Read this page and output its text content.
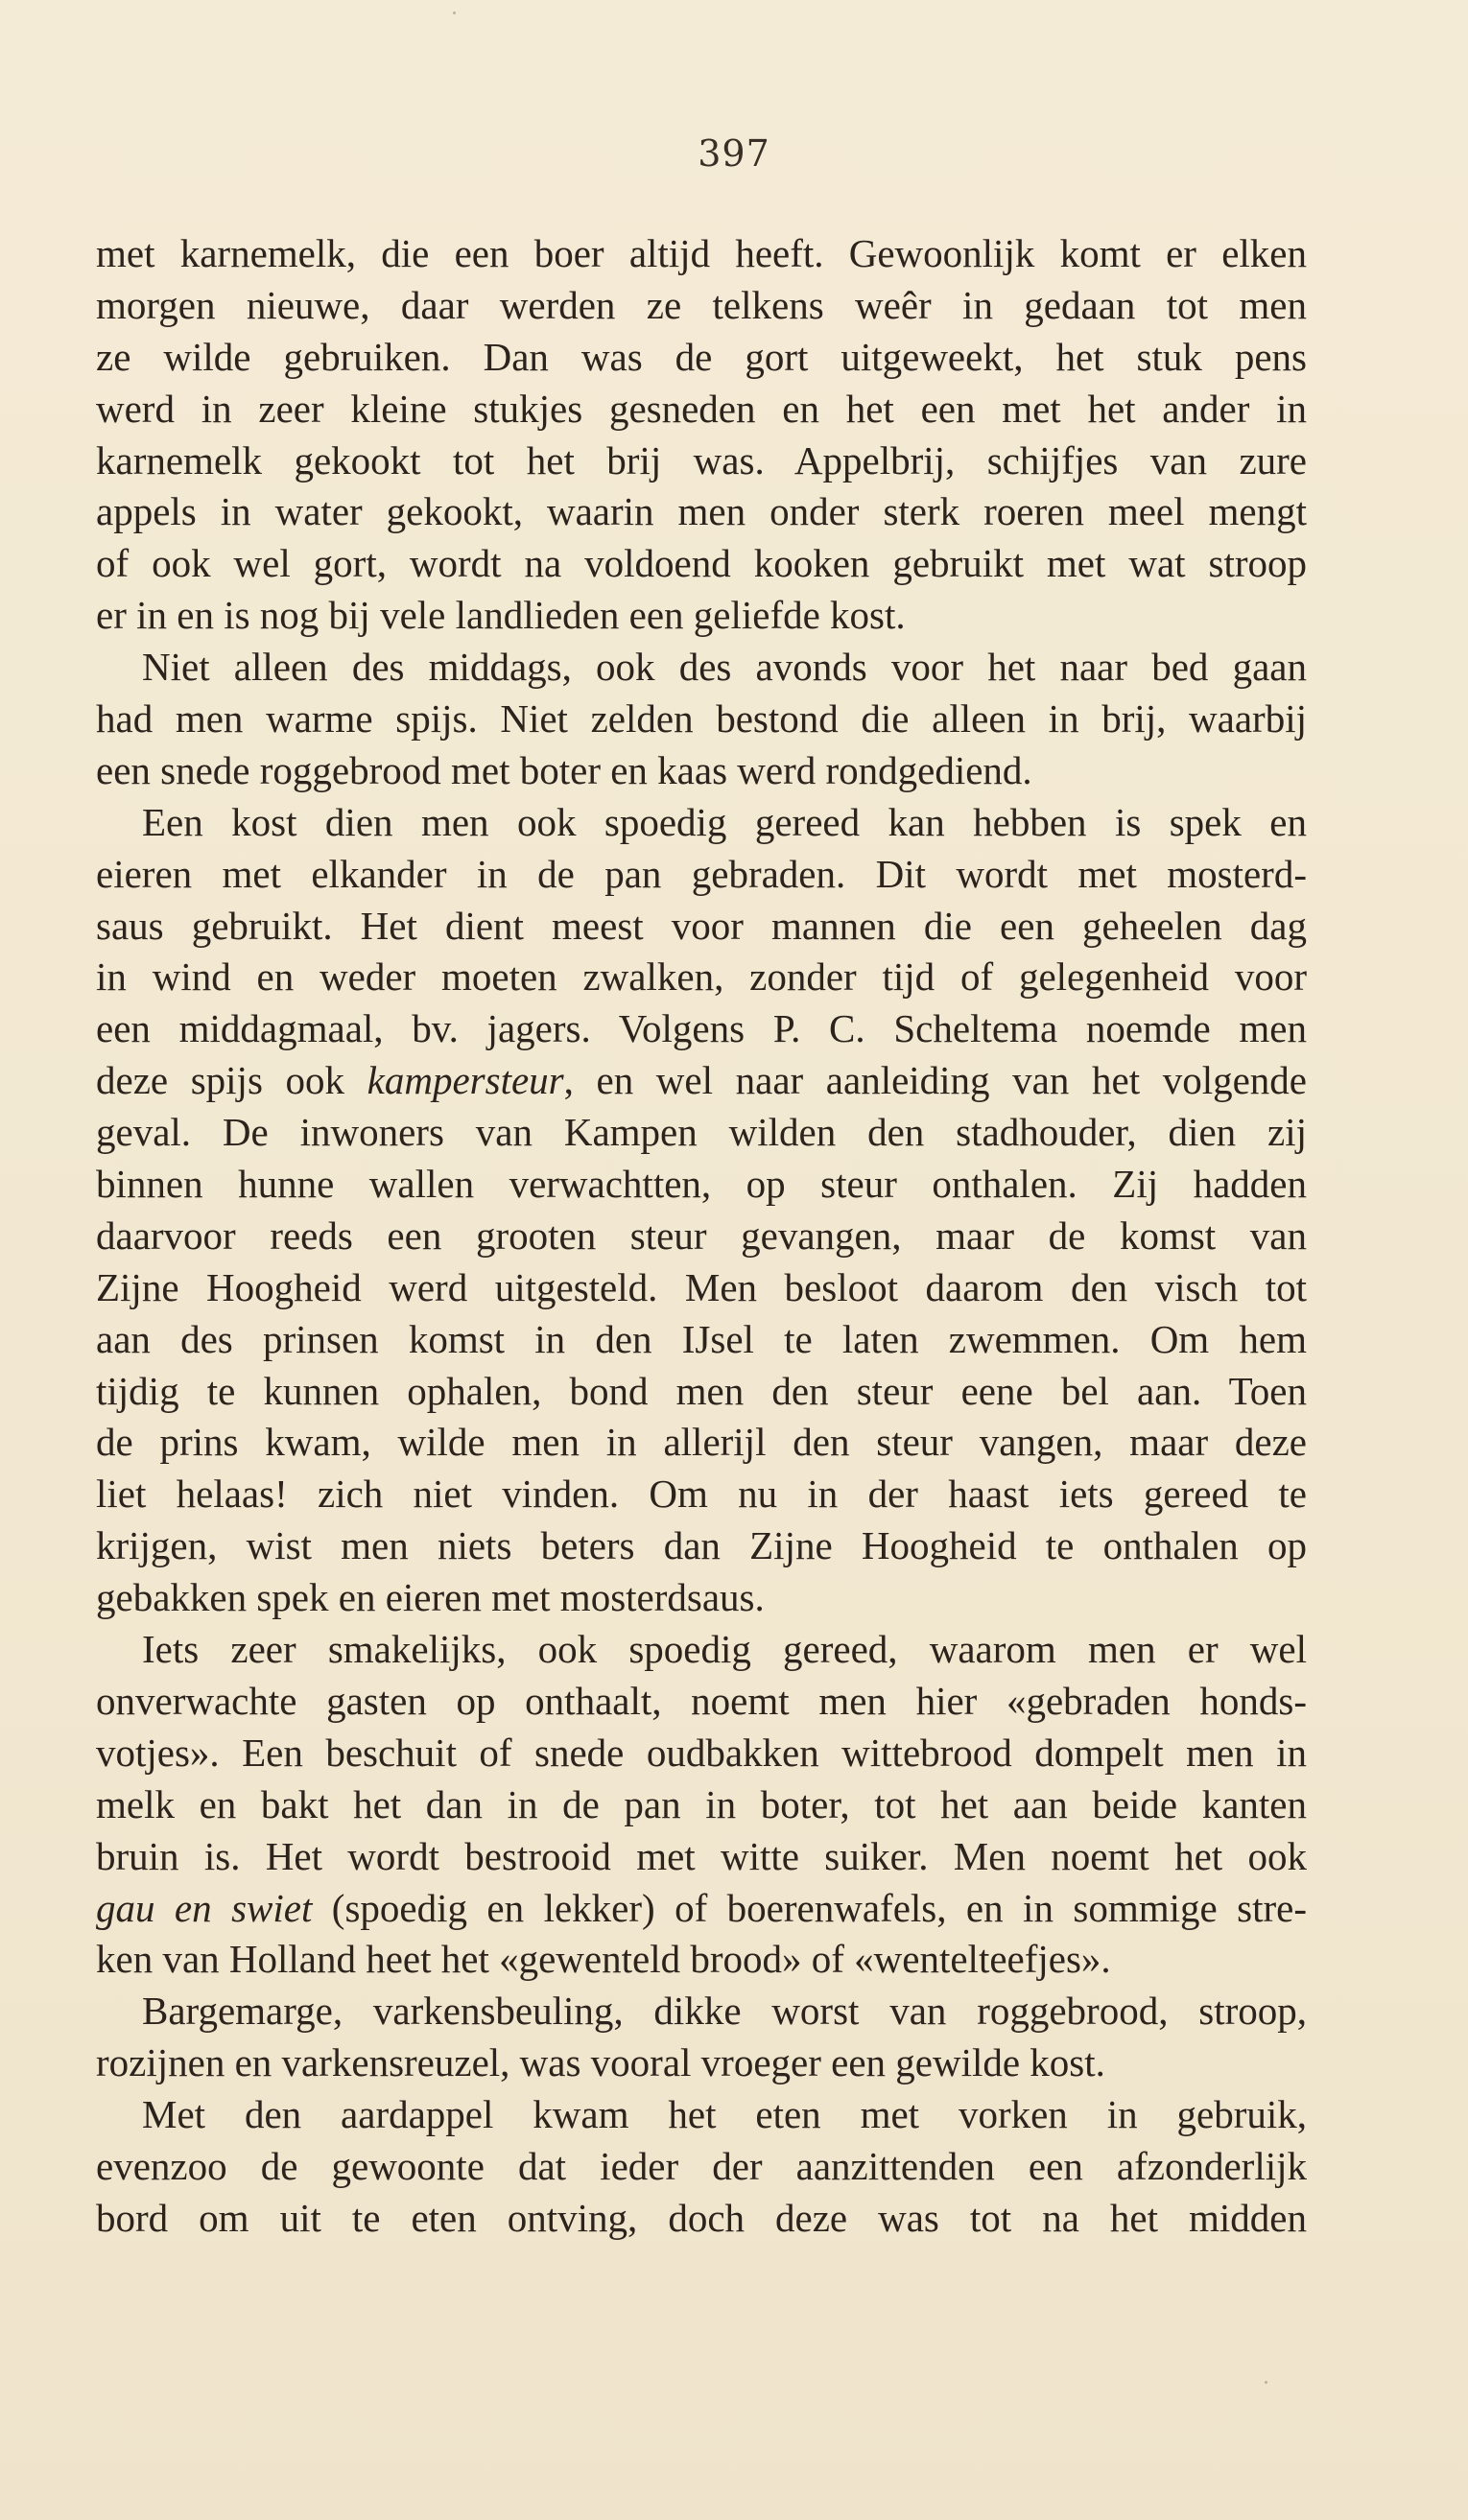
397
met karnemelk, die een boer altijd heeft. Gewoonlijk komt er elken
morgen nieuwe, daar werden ze telkens weêr in gedaan tot men
ze wilde gebruiken. Dan was de gort uitgeweekt, het stuk pens
werd in zeer kleine stukjes gesneden en het een met het ander in
karnemelk gekookt tot het brij was. Appelbrij, schijfjes van zure
appels in water gekookt, waarin men onder sterk roeren meel mengt
of ook wel gort, wordt na voldoend kooken gebruikt met wat stroop
er in en is nog bij vele landlieden een geliefde kost.
Niet alleen des middags, ook des avonds voor het naar bed gaan
had men warme spijs. Niet zelden bestond die alleen in brij, waarbij
een snede roggebrood met boter en kaas werd rondgediend.
Een kost dien men ook spoedig gereed kan hebben is spek en
eieren met elkander in de pan gebraden. Dit wordt met mosterd-
saus gebruikt. Het dient meest voor mannen die een geheelen dag
in wind en weder moeten zwalken, zonder tijd of gelegenheid voor
een middagmaal, bv. jagers. Volgens P. C. Scheltema noemde men
deze spijs ook kampersteur, en wel naar aanleiding van het volgende
geval. De inwoners van Kampen wilden den stadhouder, dien zij
binnen hunne wallen verwachtten, op steur onthalen. Zij hadden
daarvoor reeds een grooten steur gevangen, maar de komst van
Zijne Hoogheid werd uitgesteld. Men besloot daarom den visch tot
aan des prinsen komst in den IJsel te laten zwemmen. Om hem
tijdig te kunnen ophalen, bond men den steur eene bel aan. Toen
de prins kwam, wilde men in allerijl den steur vangen, maar deze
liet helaas! zich niet vinden. Om nu in der haast iets gereed te
krijgen, wist men niets beters dan Zijne Hoogheid te onthalen op
gebakken spek en eieren met mosterdsaus.
Iets zeer smakelijks, ook spoedig gereed, waarom men er wel
onverwachte gasten op onthaalt, noemt men hier «gebraden honds-
votjes». Een beschuit of snede oudbakken wittebrood dompelt men in
melk en bakt het dan in de pan in boter, tot het aan beide kanten
bruin is. Het wordt bestrooid met witte suiker. Men noemt het ook
gau en swiet (spoedig en lekker) of boerenwafels, en in sommige stre-
ken van Holland heet het «gewenteld brood» of «wentelteefjes».
Bargemarge, varkensbeuling, dikke worst van roggebrood, stroop,
rozijnen en varkensreuzel, was vooral vroeger een gewilde kost.
Met den aardappel kwam het eten met vorken in gebruik,
evenzoo de gewoonte dat ieder der aanzittenden een afzonderlijk
bord om uit te eten ontving, doch deze was tot na het midden
